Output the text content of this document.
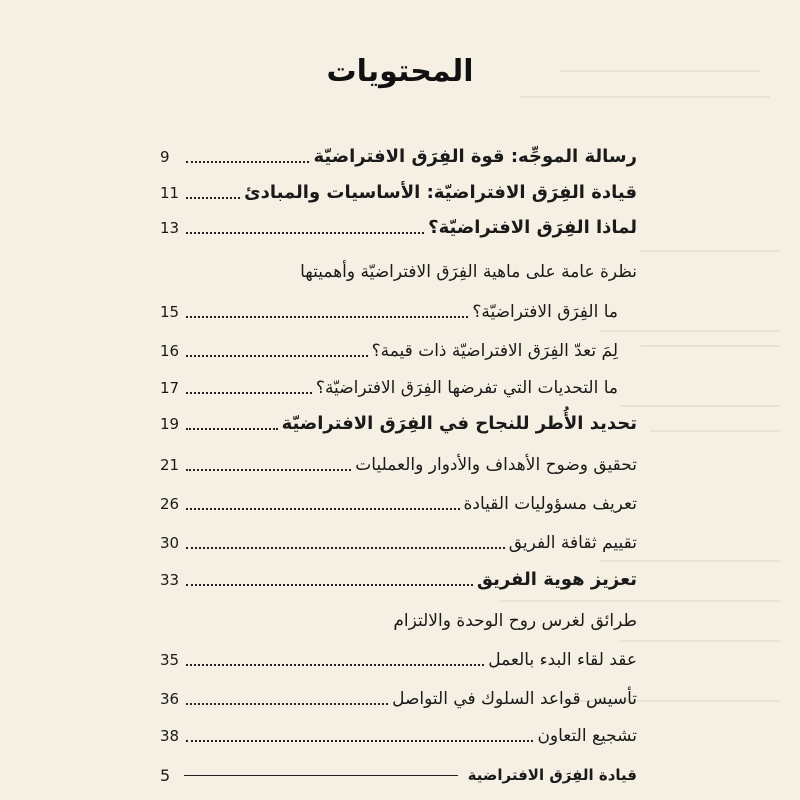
المحتويات
رسالة الموجِّه: قوة الفِرَق الافتراضيّة
9
قيادة الفِرَق الافتراضيّة: الأساسيات والمبادئ
11
لماذا الفِرَق الافتراضيّة؟
13
نظرة عامة على ماهية الفِرَق الافتراضيّة وأهميتها
ما الفِرَق الافتراضيّة؟
15
لِمَ تعدّ الفِرَق الافتراضيّة ذات قيمة؟
16
ما التحديات التي تفرضها الفِرَق الافتراضيّة؟
17
تحديد الأُطر للنجاح في الفِرَق الافتراضيّة
19
تحقيق وضوح الأهداف والأدوار والعمليات
21
تعريف مسؤوليات القيادة
26
تقييم ثقافة الفريق
30
تعزيز هوية الفريق
33
طرائق لغرس روح الوحدة والالتزام
عقد لقاء البدء بالعمل
35
تأسيس قواعد السلوك في التواصل
36
تشجيع التعاون
38
قيادة الفِرَق الافتراضية
5
